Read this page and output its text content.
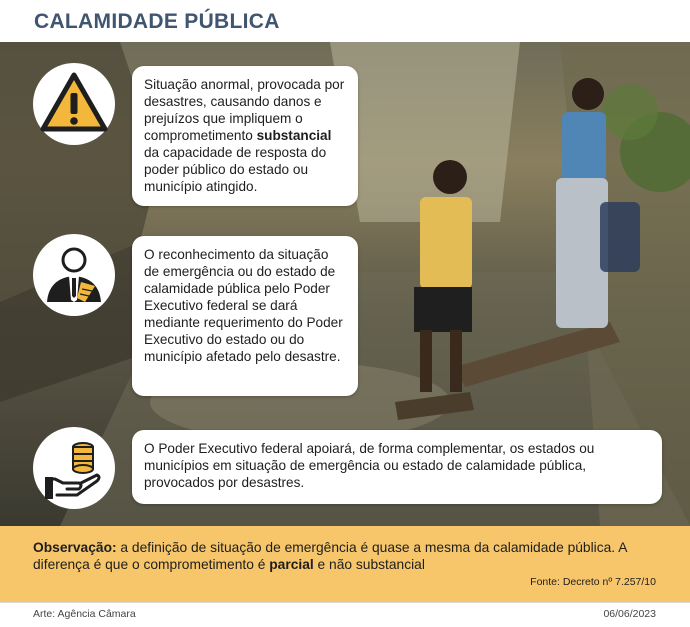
CALAMIDADE PÚBLICA
Situação anormal, provocada por desastres, causando danos e prejuízos que impliquem o comprometimento substancial da capacidade de resposta do poder público do estado ou município atingido.
O reconhecimento da situação de emergência ou do estado de calamidade pública pelo Poder Executivo federal se dará mediante requerimento do Poder Executivo do estado ou do município afetado pelo desastre.
O Poder Executivo federal apoiará, de forma complementar, os estados ou municípios em situação de emergência ou estado de calamidade pública, provocados por desastres.
Observação: a definição de situação de emergência é quase a mesma da calamidade pública. A diferença é que o comprometimento é parcial e não substancial
Fonte: Decreto nº 7.257/10
Arte: Agência Câmara	06/06/2023
